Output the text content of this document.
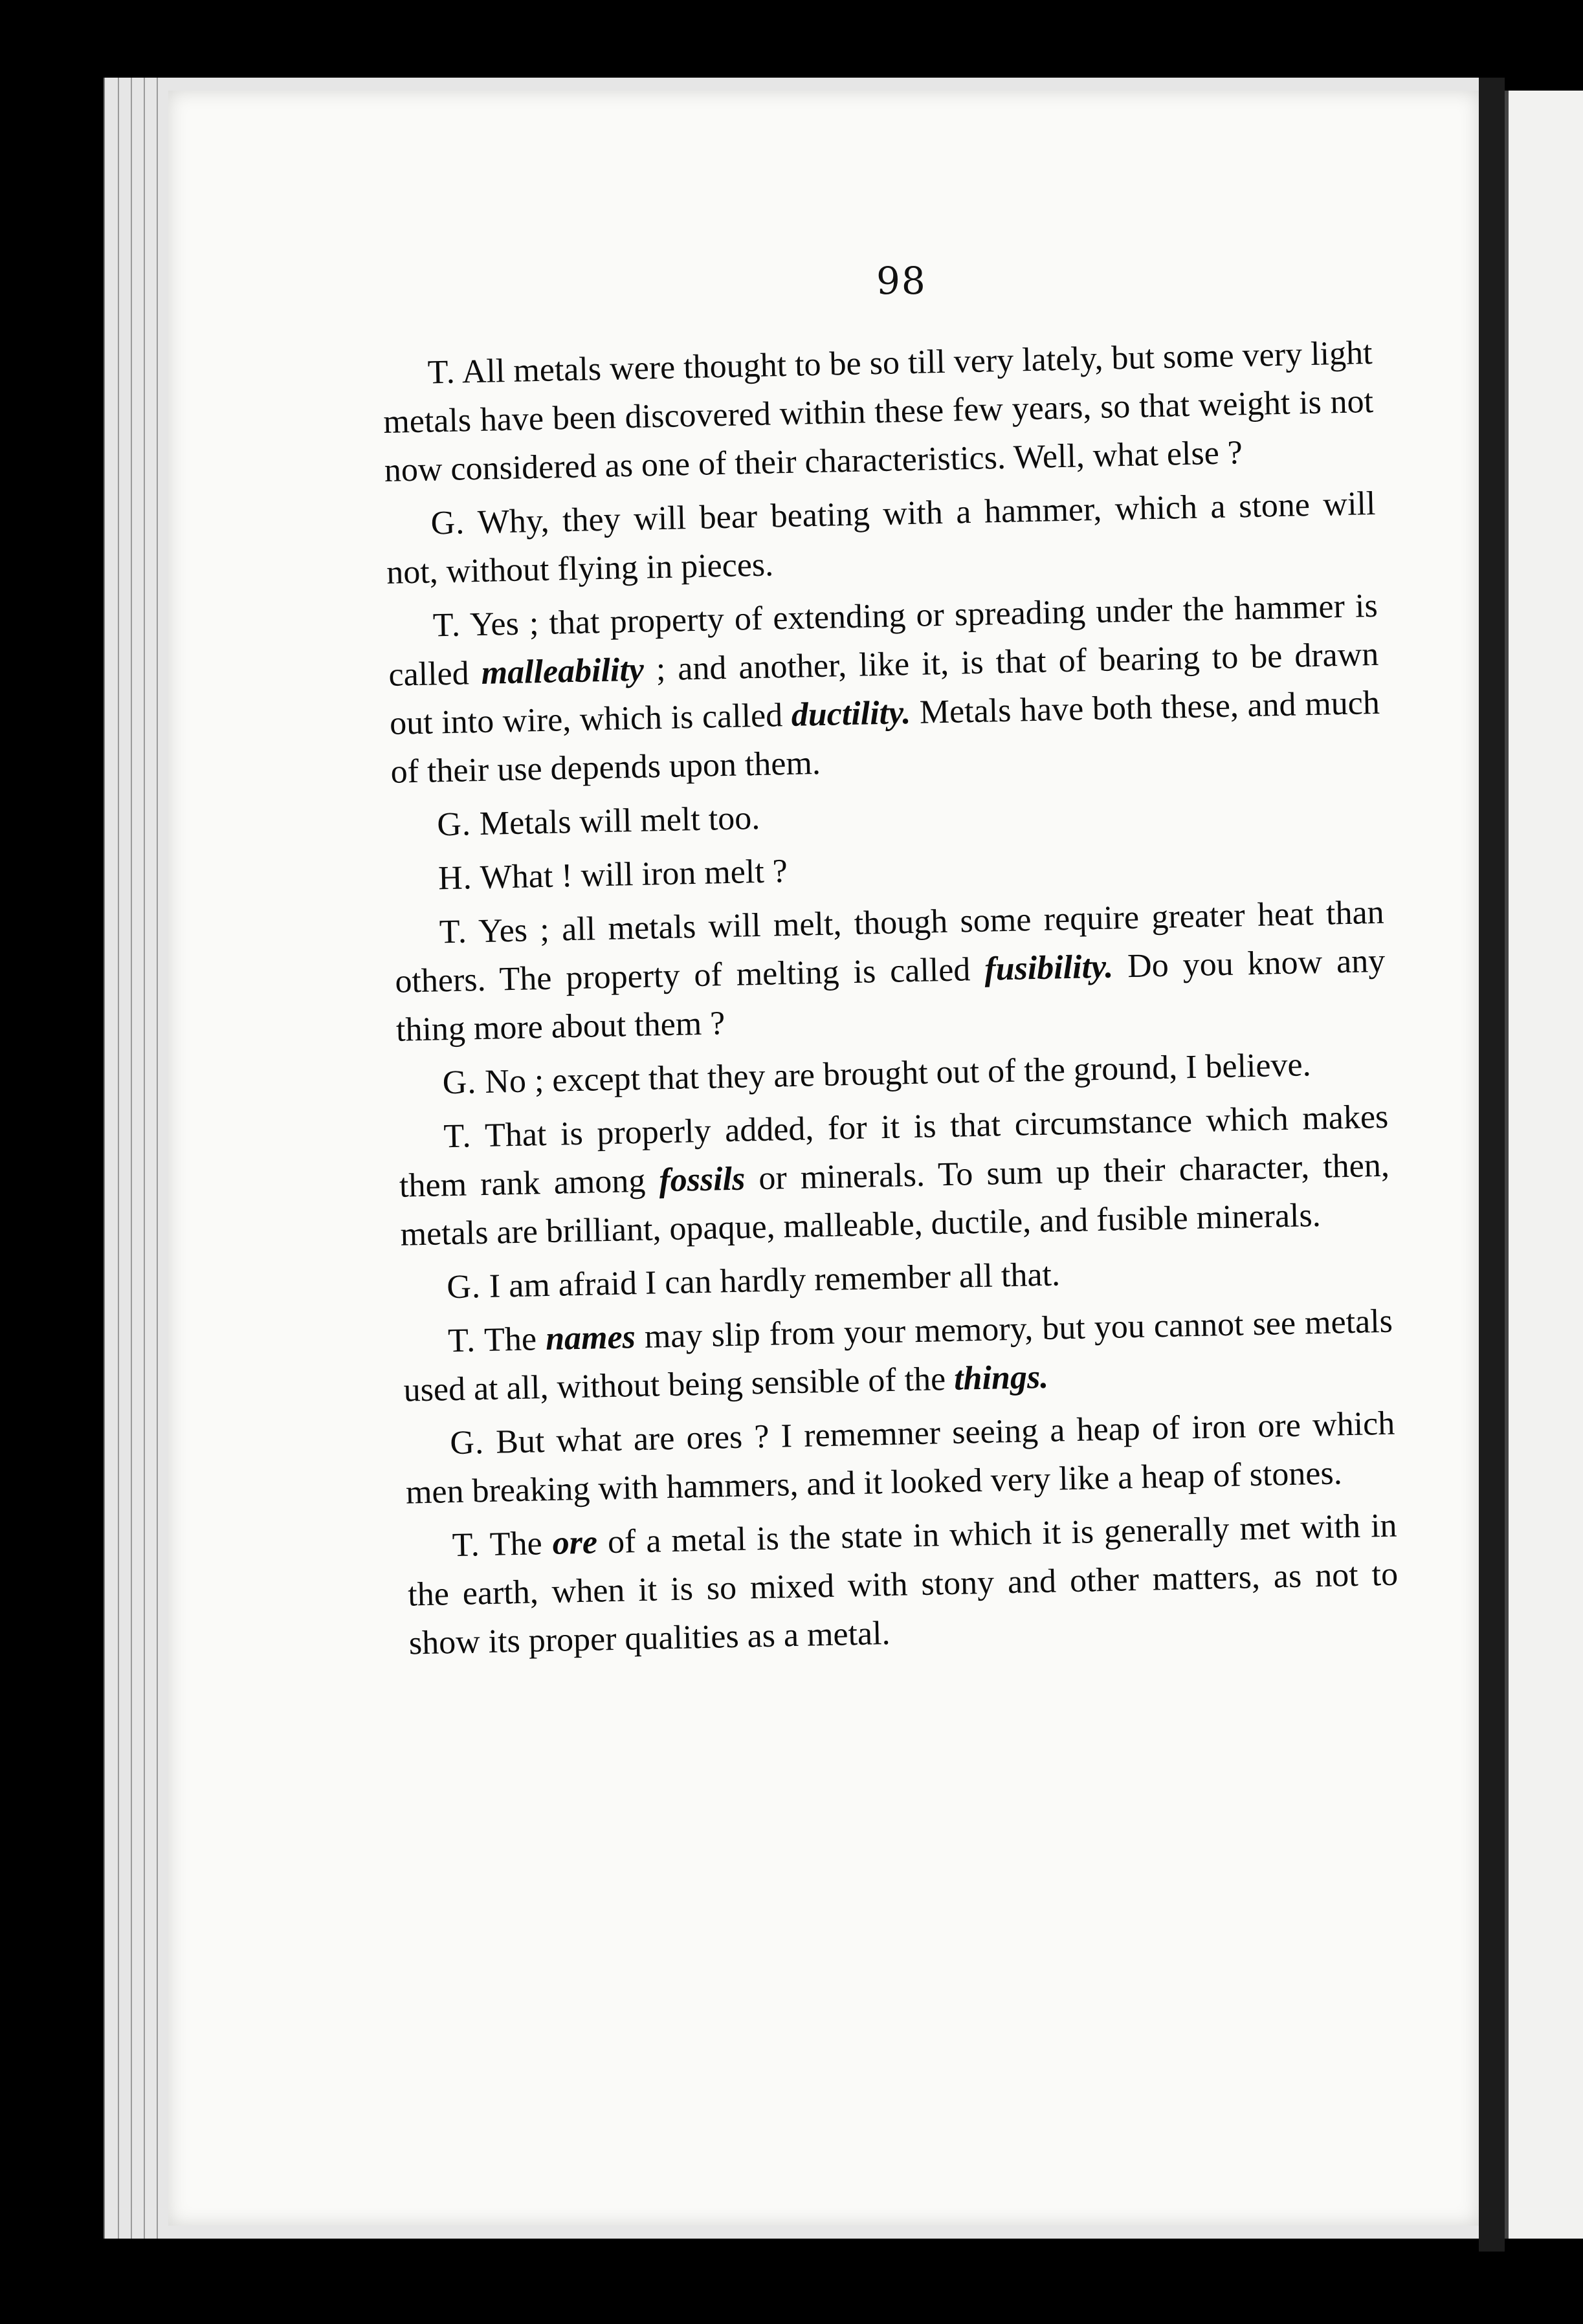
98

T. All metals were thought to be so till very lately, but some very light metals have been discovered within these few years, so that weight is not now considered as one of their characteristics. Well, what else ?

G. Why, they will bear beating with a hammer, which a stone will not, without flying in pieces.

T. Yes ; that property of extending or spreading under the hammer is called malleability ; and another, like it, is that of bearing to be drawn out into wire, which is called ductility. Metals have both these, and much of their use depends upon them.

G. Metals will melt too.

H. What ! will iron melt ?

T. Yes ; all metals will melt, though some require greater heat than others. The property of melting is called fusibility. Do you know any thing more about them ?

G. No ; except that they are brought out of the ground, I believe.

T. That is properly added, for it is that circumstance which makes them rank among fossils or minerals. To sum up their character, then, metals are brilliant, opaque, malleable, ductile, and fusible minerals.

G. I am afraid I can hardly remember all that.

T. The names may slip from your memory, but you cannot see metals used at all, without being sensible of the things.

G. But what are ores ? I rememner seeing a heap of iron ore which men breaking with hammers, and it looked very like a heap of stones.

T. The ore of a metal is the state in which it is generally met with in the earth, when it is so mixed with stony and other matters, as not to show its proper qualities as a metal.
